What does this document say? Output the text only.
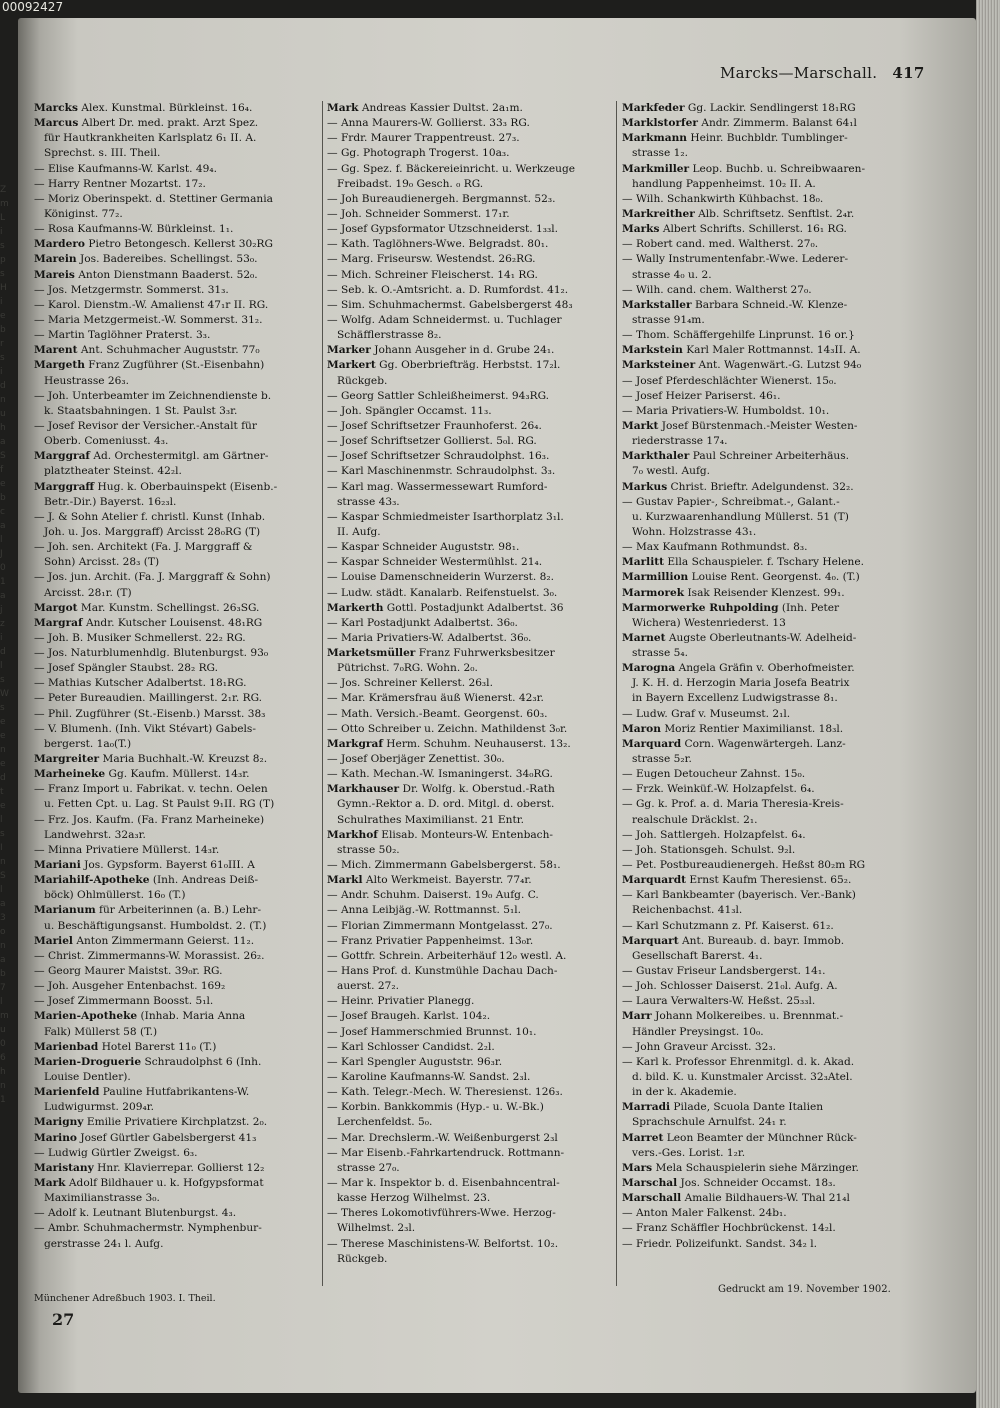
00092427
Z
m
L
i
s
p
s
H
i
e
b
r
s
i
d
n
u
h
a
S
f
e
b
c
a
l
J
0
1
a
j
z
i
d
l
s
W
s
e
e
n
e
d
t
e
l
s
I
n
S
l
a
3
o
n
a
b
7
l
m
u
0
6
h
n
1
Marcks—Marschall. 417
Marcks Alex. Kunstmal. Bürkleinst. 16₄.
Marcus Albert Dr. med. prakt. Arzt Spez.
für Hautkrankheiten Karlsplatz 6₁ II. A.
Sprechst. s. III. Theil.
— Elise Kaufmanns-W. Karlst. 49₄.
— Harry Rentner Mozartst. 17₂.
— Moriz Oberinspekt. d. Stettiner Germania
Königinst. 77₂.
— Rosa Kaufmanns-W. Bürkleinst. 1₁.
Mardero Pietro Betongesch. Kellerst 30₂RG
Marein Jos. Badereibes. Schellingst. 53₀.
Mareis Anton Dienstmann Baaderst. 52₀.
— Jos. Metzgermstr. Sommerst. 31₃.
— Karol. Dienstm.-W. Amalienst 47₁r II. RG.
— Maria Metzgermeist.-W. Sommerst. 31₂.
— Martin Taglöhner Praterst. 3₃.
Marent Ant. Schuhmacher Auguststr. 77₀
Margeth Franz Zugführer (St.-Eisenbahn)
Heustrasse 26₃.
— Joh. Unterbeamter im Zeichnendienste b.
k. Staatsbahningen. 1 St. Paulst 3₃r.
— Josef Revisor der Versicher.-Anstalt für
Oberb. Comeniusst. 4₃.
Marggraf Ad. Orchestermitgl. am Gärtner-
platztheater Steinst. 42₂l.
Marggraff Hug. k. Oberbauinspekt (Eisenb.-
Betr.-Dir.) Bayerst. 16₂₃l.
— J. & Sohn Atelier f. christl. Kunst (Inhab.
Joh. u. Jos. Marggraff) Arcisst 28₀RG (T)
— Joh. sen. Architekt (Fa. J. Marggraff &
Sohn) Arcisst. 28₃ (T)
— Jos. jun. Archit. (Fa. J. Marggraff & Sohn)
Arcisst. 28₁r. (T)
Margot Mar. Kunstm. Schellingst. 26₃SG.
Margraf Andr. Kutscher Louisenst. 48₁RG
— Joh. B. Musiker Schmellerst. 22₂ RG.
— Jos. Naturblumenhdlg. Blutenburgst. 93₀
— Josef Spängler Staubst. 28₂ RG.
— Mathias Kutscher Adalbertst. 18₁RG.
— Peter Bureaudien. Maillingerst. 2₁r. RG.
— Phil. Zugführer (St.-Eisenb.) Marsst. 38₃
— V. Blumenh. (Inh. Vikt Stévart) Gabels-
bergerst. 1a₀(T.)
Margreiter Maria Buchhalt.-W. Kreuzst 8₂.
Marheineke Gg. Kaufm. Müllerst. 14₃r.
— Franz Import u. Fabrikat. v. techn. Oelen
u. Fetten Cpt. u. Lag. St Paulst 9₁II. RG (T)
— Frz. Jos. Kaufm. (Fa. Franz Marheineke)
Landwehrst. 32a₃r.
— Minna Privatiere Müllerst. 14₃r.
Mariani Jos. Gypsform. Bayerst 61₀III. A
Mariahilf-Apotheke (Inh. Andreas Deiß-
böck) Ohlmüllerst. 16₀ (T.)
Marianum für Arbeiterinnen (a. B.) Lehr-
u. Beschäftigungsanst. Humboldst. 2. (T.)
Mariel Anton Zimmermann Geierst. 11₂.
— Christ. Zimmermanns-W. Morassist. 26₂.
— Georg Maurer Maistst. 39₀r. RG.
— Joh. Ausgeher Entenbachst. 169₂
— Josef Zimmermann Boosst. 5₁l.
Marien-Apotheke (Inhab. Maria Anna
Falk) Müllerst 58 (T.)
Marienbad Hotel Barerst 11₀ (T.)
Marien-Droguerie Schraudolphst 6 (Inh.
Louise Dentler).
Marienfeld Pauline Hutfabrikantens-W.
Ludwigurmst. 209₄r.
Marigny Emilie Privatiere Kirchplatzst. 2₀.
Marino Josef Gürtler Gabelsbergerst 41₃
— Ludwig Gürtler Zweigst. 6₃.
Maristany Hnr. Klavierrepar. Gollierst 12₂
Mark Adolf Bildhauer u. k. Hofgypsformat
Maximilianstrasse 3₀.
— Adolf k. Leutnant Blutenburgst. 4₃.
— Ambr. Schuhmachermstr. Nymphenbur-
gerstrasse 24₁ l. Aufg.
Mark Andreas Kassier Dultst. 2a₁m.
— Anna Maurers-W. Gollierst. 33₃ RG.
— Frdr. Maurer Trappentreust. 27₃.
— Gg. Photograph Trogerst. 10a₃.
— Gg. Spez. f. Bäckereieinricht. u. Werkzeuge
Freibadst. 19₀ Gesch. ₀ RG.
— Joh Bureaudienergeh. Bergmannst. 52₃.
— Joh. Schneider Sommerst. 17₁r.
— Josef Gypsformator Utzschneiderst. 1₃₃l.
— Kath. Taglöhners-Wwe. Belgradst. 80₁.
— Marg. Friseursw. Westendst. 26₂RG.
— Mich. Schreiner Fleischerst. 14₁ RG.
— Seb. k. O.-Amtsricht. a. D. Rumfordst. 41₂.
— Sim. Schuhmachermst. Gabelsbergerst 48₃
— Wolfg. Adam Schneidermst. u. Tuchlager
Schäfflerstrasse 8₂.
Marker Johann Ausgeher in d. Grube 24₁.
Markert Gg. Oberbriefträg. Herbstst. 17₂l.
Rückgeb.
— Georg Sattler Schleißheimerst. 94₃RG.
— Joh. Spängler Occamst. 11₃.
— Josef Schriftsetzer Fraunhoferst. 26₄.
— Josef Schriftsetzer Gollierst. 5₀l. RG.
— Josef Schriftsetzer Schraudolphst. 16₃.
— Karl Maschinenmstr. Schraudolphst. 3₃.
— Karl mag. Wassermessewart Rumford-
strasse 43₃.
— Kaspar Schmiedmeister Isarthorplatz 3₁l.
II. Aufg.
— Kaspar Schneider Auguststr. 98₁.
— Kaspar Schneider Westermühlst. 21₄.
— Louise Damenschneiderin Wurzerst. 8₂.
— Ludw. städt. Kanalarb. Reifenstuelst. 3₀.
Markerth Gottl. Postadjunkt Adalbertst. 36
— Karl Postadjunkt Adalbertst. 36₀.
— Maria Privatiers-W. Adalbertst. 36₀.
Marketsmüller Franz Fuhrwerksbesitzer
Pütrichst. 7₀RG. Wohn. 2₀.
— Jos. Schreiner Kellerst. 26₃l.
— Mar. Krämersfrau äuß Wienerst. 42₃r.
— Math. Versich.-Beamt. Georgenst. 60₃.
— Otto Schreiber u. Zeichn. Mathildenst 3₀r.
Markgraf Herm. Schuhm. Neuhauserst. 13₂.
— Josef Oberjäger Zenettist. 30₀.
— Kath. Mechan.-W. Ismaningerst. 34₀RG.
Markhauser Dr. Wolfg. k. Oberstud.-Rath
Gymn.-Rektor a. D. ord. Mitgl. d. oberst.
Schulrathes Maximilianst. 21 Entr.
Markhof Elisab. Monteurs-W. Entenbach-
strasse 50₂.
— Mich. Zimmermann Gabelsbergerst. 58₁.
Markl Alto Werkmeist. Bayerstr. 77₄r.
— Andr. Schuhm. Daiserst. 19₀ Aufg. C.
— Anna Leibjäg.-W. Rottmannst. 5₁l.
— Florian Zimmermann Montgelasst. 27₀.
— Franz Privatier Pappenheimst. 13₀r.
— Gottfr. Schrein. Arbeiterhäuf 12₀ westl. A.
— Hans Prof. d. Kunstmühle Dachau Dach-
auerst. 27₂.
— Heinr. Privatier Planegg.
— Josef Braugeh. Karlst. 104₂.
— Josef Hammerschmied Brunnst. 10₁.
— Karl Schlosser Candidst. 2₂l.
— Karl Spengler Auguststr. 96₃r.
— Karoline Kaufmanns-W. Sandst. 2₃l.
— Kath. Telegr.-Mech. W. Theresienst. 126₃.
— Korbin. Bankkommis (Hyp.- u. W.-Bk.)
Lerchenfeldst. 5₀.
— Mar. Drechslerm.-W. Weißenburgerst 2₃l
— Mar Eisenb.-Fahrkartendruck. Rottmann-
strasse 27₀.
— Mar k. Inspektor b. d. Eisenbahncentral-
kasse Herzog Wilhelmst. 23.
— Theres Lokomotivführers-Wwe. Herzog-
Wilhelmst. 2₃l.
— Therese Maschinistens-W. Belfortst. 10₂.
Rückgeb.
Markfeder Gg. Lackir. Sendlingerst 18₁RG
Marklstorfer Andr. Zimmerm. Balanst 64₁l
Markmann Heinr. Buchbldr. Tumblinger-
strasse 1₂.
Markmiller Leop. Buchb. u. Schreibwaaren-
handlung Pappenheimst. 10₂ II. A.
— Wilh. Schankwirth Kühbachst. 18₀.
Markreither Alb. Schriftsetz. Senftlst. 2₄r.
Marks Albert Schrifts. Schillerst. 16₁ RG.
— Robert cand. med. Waltherst. 27₀.
— Wally Instrumentenfabr.-Wwe. Lederer-
strasse 4₀ u. 2.
— Wilh. cand. chem. Waltherst 27₀.
Markstaller Barbara Schneid.-W. Klenze-
strasse 91₄m.
— Thom. Schäffergehilfe Linprunst. 16 or.}
Markstein Karl Maler Rottmannst. 14₃II. A.
Marksteiner Ant. Wagenwärt.-G. Lutzst 94₀
— Josef Pferdeschlächter Wienerst. 15₀.
— Josef Heizer Pariserst. 46₁.
— Maria Privatiers-W. Humboldst. 10₁.
Markt Josef Bürstenmach.-Meister Westen-
riederstrasse 17₄.
Markthaler Paul Schreiner Arbeiterhäus.
7₀ westl. Aufg.
Markus Christ. Brieftr. Adelgundenst. 32₂.
— Gustav Papier-, Schreibmat.-, Galant.-
u. Kurzwaarenhandlung Müllerst. 51 (T)
Wohn. Holzstrasse 43₁.
— Max Kaufmann Rothmundst. 8₃.
Marlitt Ella Schauspieler. f. Tschary Helene.
Marmillion Louise Rent. Georgenst. 4₀. (T.)
Marmorek Isak Reisender Klenzest. 99₁.
Marmorwerke Ruhpolding (Inh. Peter
Wichera) Westenriederst. 13
Marnet Augste Oberleutnants-W. Adelheid-
strasse 5₄.
Marogna Angela Gräfin v. Oberhofmeister.
J. K. H. d. Herzogin Maria Josefa Beatrix
in Bayern Excellenz Ludwigstrasse 8₁.
— Ludw. Graf v. Museumst. 2₁l.
Maron Moriz Rentier Maximilianst. 18₃l.
Marquard Corn. Wagenwärtergeh. Lanz-
strasse 5₂r.
— Eugen Detoucheur Zahnst. 15₀.
— Frzk. Weinküf.-W. Holzapfelst. 6₄.
— Gg. k. Prof. a. d. Maria Theresia-Kreis-
realschule Dräcklst. 2₁.
— Joh. Sattlergeh. Holzapfelst. 6₄.
— Joh. Stationsgeh. Schulst. 9₂l.
— Pet. Postbureaudienergeh. Heßst 80₂m RG
Marquardt Ernst Kaufm Theresienst. 65₂.
— Karl Bankbeamter (bayerisch. Ver.-Bank)
Reichenbachst. 41₃l.
— Karl Schutzmann z. Pf. Kaiserst. 61₂.
Marquart Ant. Bureaub. d. bayr. Immob.
Gesellschaft Barerst. 4₁.
— Gustav Friseur Landsbergerst. 14₁.
— Joh. Schlosser Daiserst. 21₀l. Aufg. A.
— Laura Verwalters-W. Heßst. 25₃₃l.
Marr Johann Molkereibes. u. Brennmat.-
Händler Preysingst. 10₀.
— John Graveur Arcisst. 32₃.
— Karl k. Professor Ehrenmitgl. d. k. Akad.
d. bild. K. u. Kunstmaler Arcisst. 32₃Atel.
in der k. Akademie.
Marradi Pilade, Scuola Dante Italien
Sprachschule Arnulfst. 24₁ r.
Marret Leon Beamter der Münchner Rück-
vers.-Ges. Lorist. 1₂r.
Mars Mela Schauspielerin siehe Märzinger.
Marschal Jos. Schneider Occamst. 18₃.
Marschall Amalie Bildhauers-W. Thal 21₄l
— Anton Maler Falkenst. 24b₁.
— Franz Schäffler Hochbrückenst. 14₂l.
— Friedr. Polizeifunkt. Sandst. 34₂ l.
Münchener Adreßbuch 1903. I. Theil.
27
Gedruckt am 19. November 1902.
